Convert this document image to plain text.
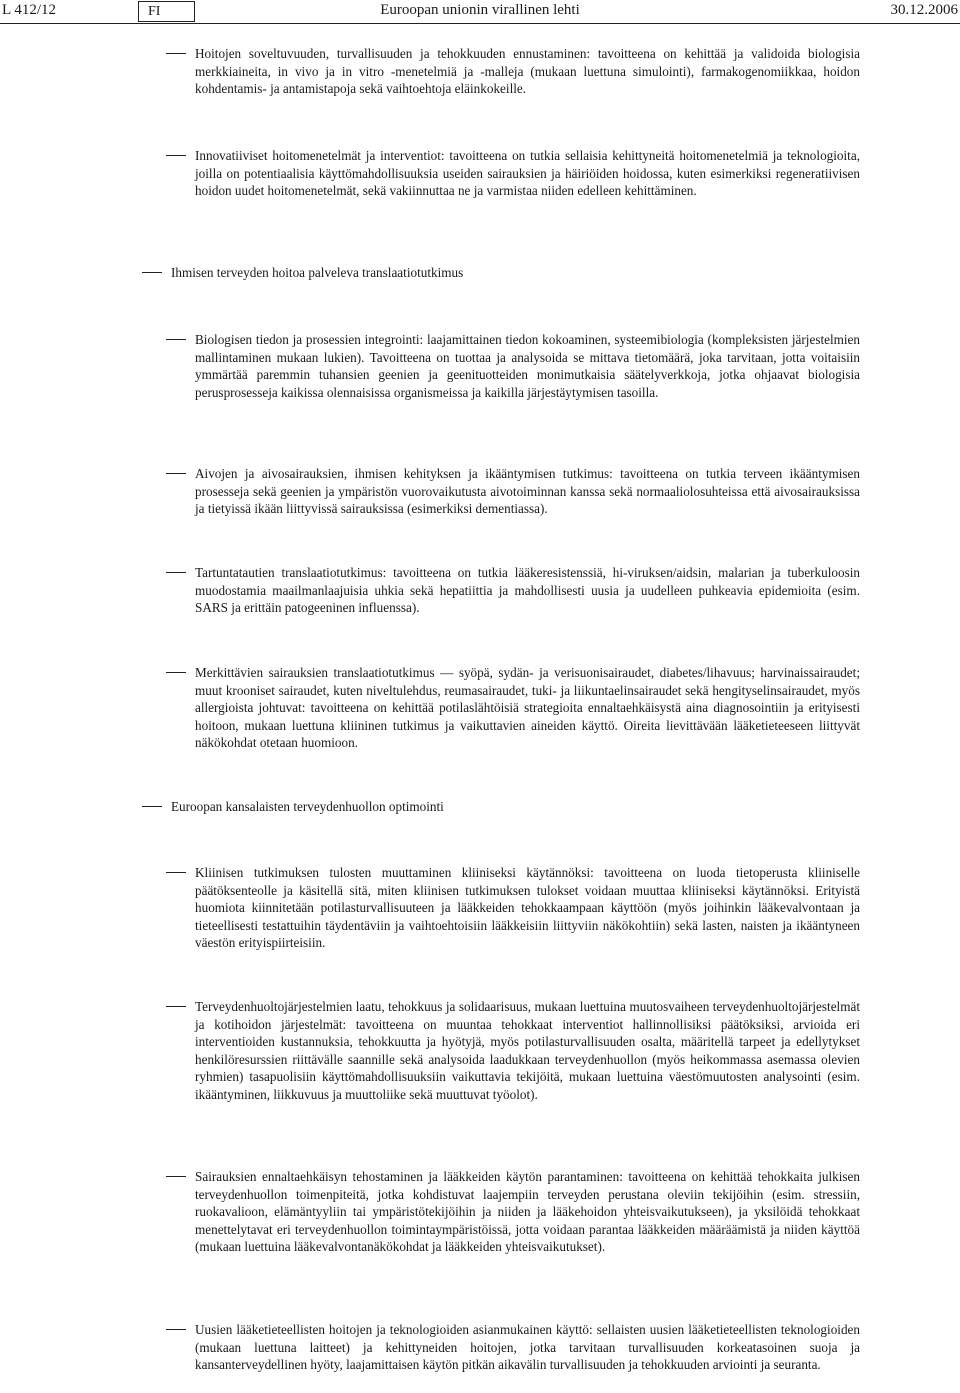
L 412/12	FI	Euroopan unionin virallinen lehti	30.12.2006
Hoitojen soveltuvuuden, turvallisuuden ja tehokkuuden ennustaminen: tavoitteena on kehittää ja validoida biologisia merkkiaineita, in vivo ja in vitro -menetelmiä ja -malleja (mukaan luettuna simulointi), farmakogenomiikkaa, hoidon kohdentamis- ja antamistapoja sekä vaihtoehtoja eläinkokeille.
Innovatiiviset hoitomenetelmät ja interventiot: tavoitteena on tutkia sellaisia kehittyneitä hoitomenetelmiä ja teknologioita, joilla on potentiaalisia käyttömahdollisuuksia useiden sairauksien ja häiriöiden hoidossa, kuten esimerkiksi regeneratiivisen hoidon uudet hoitomenetelmät, sekä vakiinnuttaa ne ja varmistaa niiden edelleen kehittäminen.
Ihmisen terveyden hoitoa palveleva translaatiotutkimus
Biologisen tiedon ja prosessien integrointi: laajamittainen tiedon kokoaminen, systeemibiologia (kompleksisten järjestelmien mallintaminen mukaan lukien). Tavoitteena on tuottaa ja analysoida se mittava tietomäärä, joka tarvitaan, jotta voitaisiin ymmärtää paremmin tuhansien geenien ja geenituotteiden monimutkaisia säätelyverkkoja, jotka ohjaavat biologisia perusprosesseja kaikissa olennaisissa organismeissa ja kaikilla järjestäytymisen tasoilla.
Aivojen ja aivosairauksien, ihmisen kehityksen ja ikääntymisen tutkimus: tavoitteena on tutkia terveen ikääntymisen prosesseja sekä geenien ja ympäristön vuorovaikutusta aivotoiminnan kanssa sekä normaaliolosuhteissa että aivosairauksissa ja tietyissä ikään liittyvissä sairauksissa (esimerkiksi dementiassa).
Tartuntatautien translaatiotutkimus: tavoitteena on tutkia lääkeresistenssiä, hi-viruksen/aidsin, malarian ja tuberkuloosin muodostamia maailmanlaajuisia uhkia sekä hepatiittia ja mahdollisesti uusia ja uudelleen puhkeavia epidemioita (esim. SARS ja erittäin patogeeninen influenssa).
Merkittävien sairauksien translaatiotutkimus — syöpä, sydän- ja verisuonisairaudet, diabetes/lihavuus; harvinaissairaudet; muut krooniset sairaudet, kuten niveltulehdus, reumasairaudet, tuki- ja liikuntaelinsairaudet sekä hengityselinsairaudet, myös allergioista johtuvat: tavoitteena on kehittää potilaslähtöisiä strategioita ennaltaehkäisystä aina diagnosointiin ja erityisesti hoitoon, mukaan luettuna kliininen tutkimus ja vaikuttavien aineiden käyttö. Oireita lievittävään lääketieteeseen liittyvät näkökohdat otetaan huomioon.
Euroopan kansalaisten terveydenhuollon optimointi
Kliinisen tutkimuksen tulosten muuttaminen kliiniseksi käytännöksi: tavoitteena on luoda tietoperusta kliiniselle päätöksenteolle ja käsitellä sitä, miten kliinisen tutkimuksen tulokset voidaan muuttaa kliiniseksi käytännöksi. Erityistä huomiota kiinnitetään potilasturvallisuuteen ja lääkkeiden tehokkaampaan käyttöön (myös joihinkin lääkevalvontaan ja tieteellisesti testattuihin täydentäviin ja vaihtoehtoisiin lääkkeisiin liittyviin näkökohtiin) sekä lasten, naisten ja ikääntyneen väestön erityispiirteisiin.
Terveydenhuoltojärjestelmien laatu, tehokkuus ja solidaarisuus, mukaan luettuina muutosvaiheen terveydenhuoltojärjestelmät ja kotihoidon järjestelmät: tavoitteena on muuntaa tehokkaat interventiot hallinnollisiksi päätöksiksi, arvioida eri interventioiden kustannuksia, tehokkuutta ja hyötyjä, myös potilasturvallisuuden osalta, määritellä tarpeet ja edellytykset henkilöresurssien riittävälle saannille sekä analysoida laadukkaan terveydenhuollon (myös heikommassa asemassa olevien ryhmien) tasapuolisiin käyttömahdollisuuksiin vaikuttavia tekijöitä, mukaan luettuina väestömuutosten analysointi (esim. ikääntyminen, liikkuvuus ja muuttoliike sekä muuttuvat työolot).
Sairauksien ennaltaehkäisyn tehostaminen ja lääkkeiden käytön parantaminen: tavoitteena on kehittää tehokkaita julkisen terveydenhuollon toimenpiteitä, jotka kohdistuvat laajempiin terveyden perustana oleviin tekijöihin (esim. stressiin, ruokavalioon, elämäntyyliin tai ympäristötekijöihin ja niiden ja lääkehoidon yhteisvaikutukseen), ja yksilöidä tehokkaat menettelytavat eri terveydenhuollon toimintaympäristöissä, jotta voidaan parantaa lääkkeiden määräämistä ja niiden käyttöä (mukaan luettuina lääkevalvontanäkökohdat ja lääkkeiden yhteisvaikutukset).
Uusien lääketieteellisten hoitojen ja teknologioiden asianmukainen käyttö: sellaisten uusien lääketieteellisten teknologioiden (mukaan luettuna laitteet) ja kehittyneiden hoitojen, jotka tarvitaan turvallisuuden korkeatasoinen suoja ja kansanterveydellinen hyöty, laajamittaisen käytön pitkän aikavälin turvallisuuden ja tehokkuuden arviointi ja seuranta.
